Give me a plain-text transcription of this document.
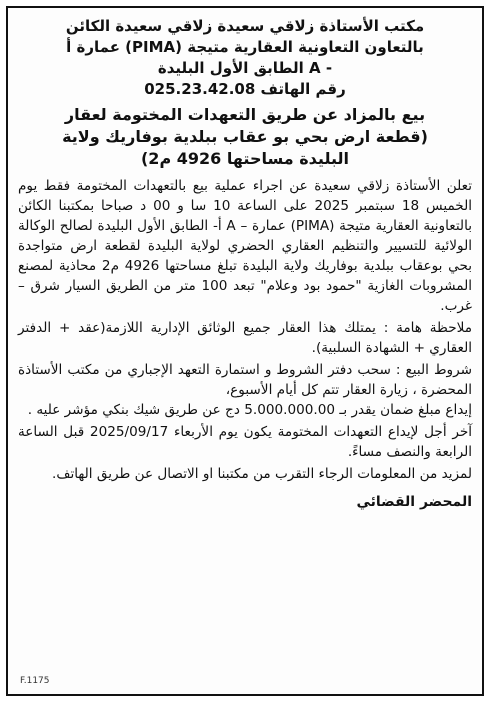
مكتب الأستاذة زلاقي سعيدة زلاقي سعيدة الكائن

بالتعاون التعاونية العقارية متيجة (PIMA) عمارة أ

- A الطابق الأول البليدة

رقم الهاتف 025.23.42.08

بيع بالمزاد عن طريق التعهدات المختومة لعقار
(قطعة ارض بحي بو عقاب ببلدية بوفاريك ولاية
البليدة مساحتها 4926 م2)

تعلن الأستاذة زلاقي سعيدة عن اجراء عملية بيع بالتعهدات المختومة فقط يوم الخميس 18 سبتمبر 2025 على الساعة 10 سا و 00 د صباحا بمكتبنا الكائن بالتعاونية العقارية متيجة (PIMA) عمارة – A أ- الطابق الأول البليدة لصالح الوكالة الولائية للتسيير والتنظيم العقاري الحضري لولاية البليدة لقطعة ارض متواجدة بحي بوعقاب ببلدية بوفاريك ولاية البليدة تبلغ مساحتها 4926 م2 محاذية لمصنع المشروبات الغازية "حمود بود وعلام" تبعد 100 متر من الطريق السيار شرق – غرب.

ملاحظة هامة : يمتلك هذا العقار جميع الوثائق الإدارية اللازمة(عقد + الدفتر العقاري + الشهادة السلبية).

شروط البيع : سحب دفتر الشروط و استمارة التعهد الإجباري من مكتب الأستاذة المحضرة ، زيارة العقار تتم كل أيام الأسبوع،

إيداع مبلغ ضمان يقدر بـ 5.000.000.00 دج عن طريق شيك بنكي مؤشر عليه .

آخر أجل لإيداع التعهدات المختومة يكون يوم الأربعاء 2025/09/17 قبل الساعة الرابعة والنصف مساءً.

لمزيد من المعلومات الرجاء التقرب من مكتبنا او الاتصال عن طريق الهاتف.

المحضر القضائي
F.1175
